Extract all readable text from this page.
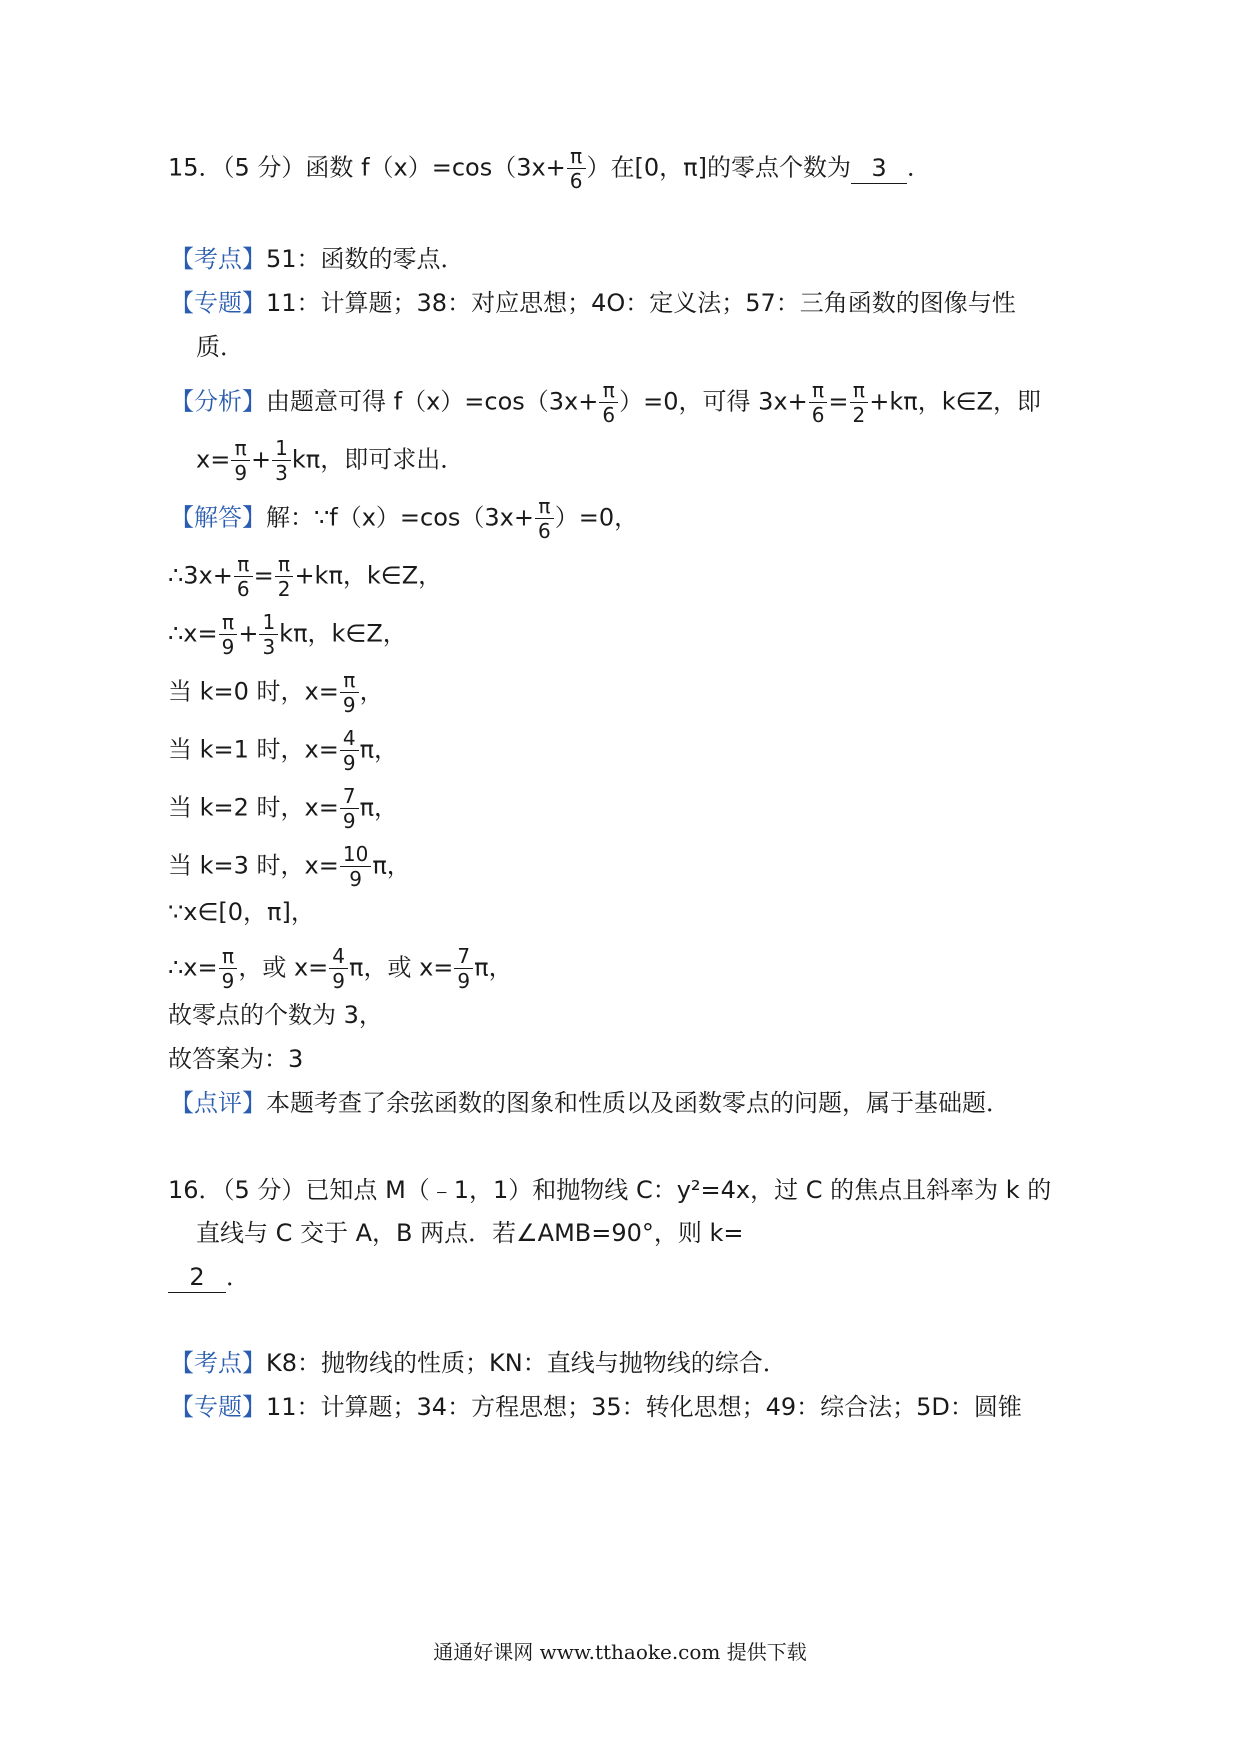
15．（5 分）函数 $f(x)=\cos(3x+ \frac{\pi}{6}$ ）在[0，π]的零点个数为 3 ．
【考点】51：函数的零点．
【专题】11：计算题；38：对应思想；4O：定义法；57：三角函数的图像与性
质．
【分析】由题意可得 $f(x)=\cos(3x+ \frac{\pi}{6} )=0$，可得 $3x+ \frac{\pi}{6} = \frac{\pi}{2} +k\pi$，k∈Z，即
$x= \frac{\pi}{9} + \frac{1}{3}$ kπ，即可求出．
【解答】解：∵f（x）=cos（3x+ $\frac{\pi}{6} )=0$，
∴3x+ $\frac{\pi}{6} = \frac{\pi}{2} +k\pi$，k∈Z，
∴x= $\frac{\pi}{9} + \frac{1}{3}$ kπ，k∈Z，
当 k=0 时，$x= \frac{\pi}{9}$ ，
当 k=1 时，$x= \frac{4}{9}$ π，
当 k=2 时，$x= \frac{7}{9}$ π，
当 k=3 时，$x= \frac{10}{9}$ π，
∵x∈[0，π]，
∴x= $\frac{\pi}{9}$ ，或 $x= \frac{4}{9}$ π，或 $x= \frac{7}{9}$ π，
故零点的个数为 3，
故答案为：3
【点评】本题考查了余弦函数的图象和性质以及函数零点的问题，属于基础题．
16．（5 分）已知点 M（﹣1，1）和抛物线 C：y²=4x，过 C 的焦点且斜率为 k 的
直线与 C 交于 A，B 两点．若∠AMB=90°，则 k=
2 ．
【考点】K8：抛物线的性质；KN：直线与抛物线的综合．
【专题】11：计算题；34：方程思想；35：转化思想；49：综合法；5D：圆锥
通通好课网 www.tthaoke.com 提供下载
